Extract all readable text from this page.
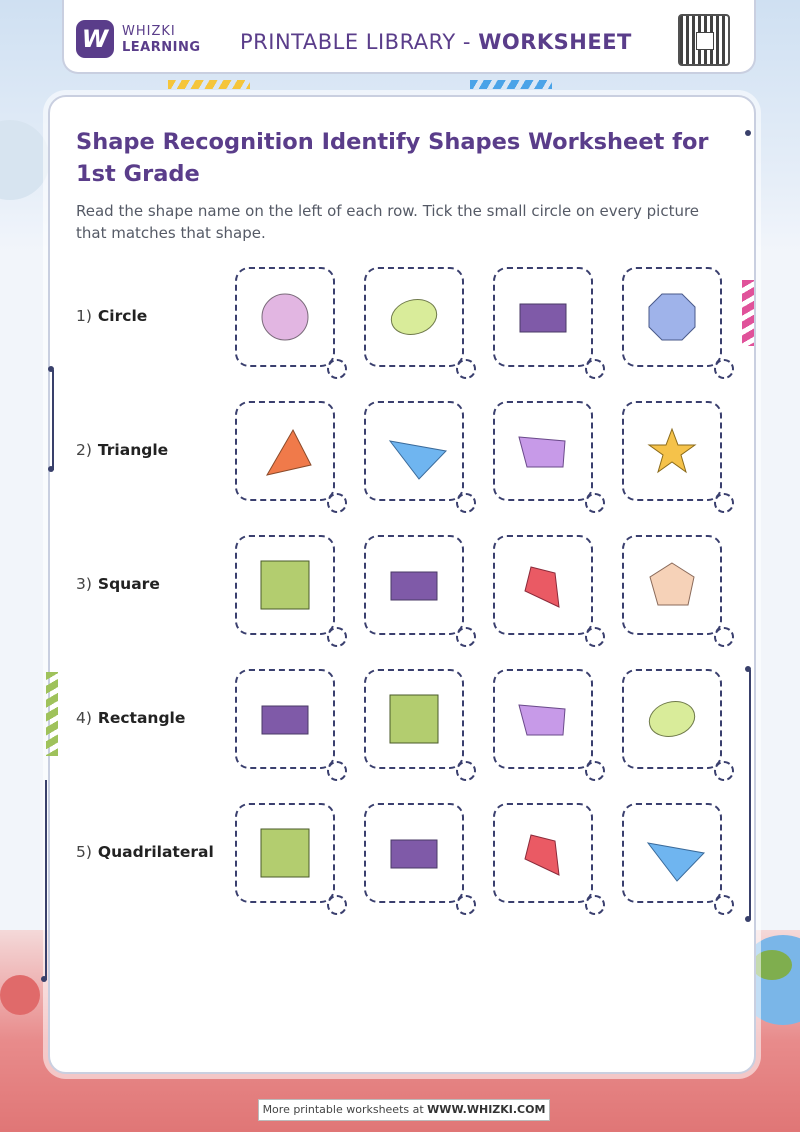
W	WHIZKI
LEARNING PRINTABLE LIBRARY - WORKSHEET
Shape Recognition Identify Shapes Worksheet for 1st Grade
Read the shape name on the left of each row. Tick the small circle on every picture that matches that shape.
1) Circle
2) Triangle
3) Square
4) Rectangle
5) Quadrilateral
More printable worksheets at WWW.WHIZKI.COM
